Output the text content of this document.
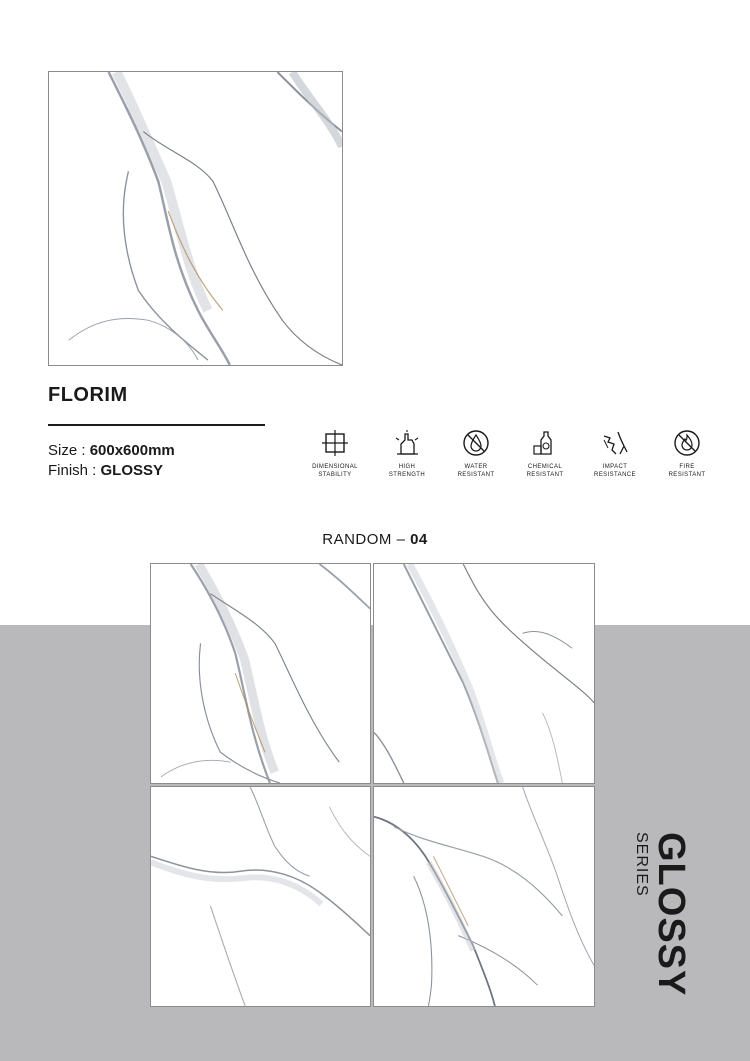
FLORIM
Size : 600x600mm
Finish : GLOSSY	DIMENSIONAL
STABILITY
HIGH
STRENGTH
WATER
RESISTANT
CHEMICAL
RESISTANT
IMPACT
RESISTANCE
FIRE
RESISTANT
RANDOM – 04
GLOSSY
SERIES
